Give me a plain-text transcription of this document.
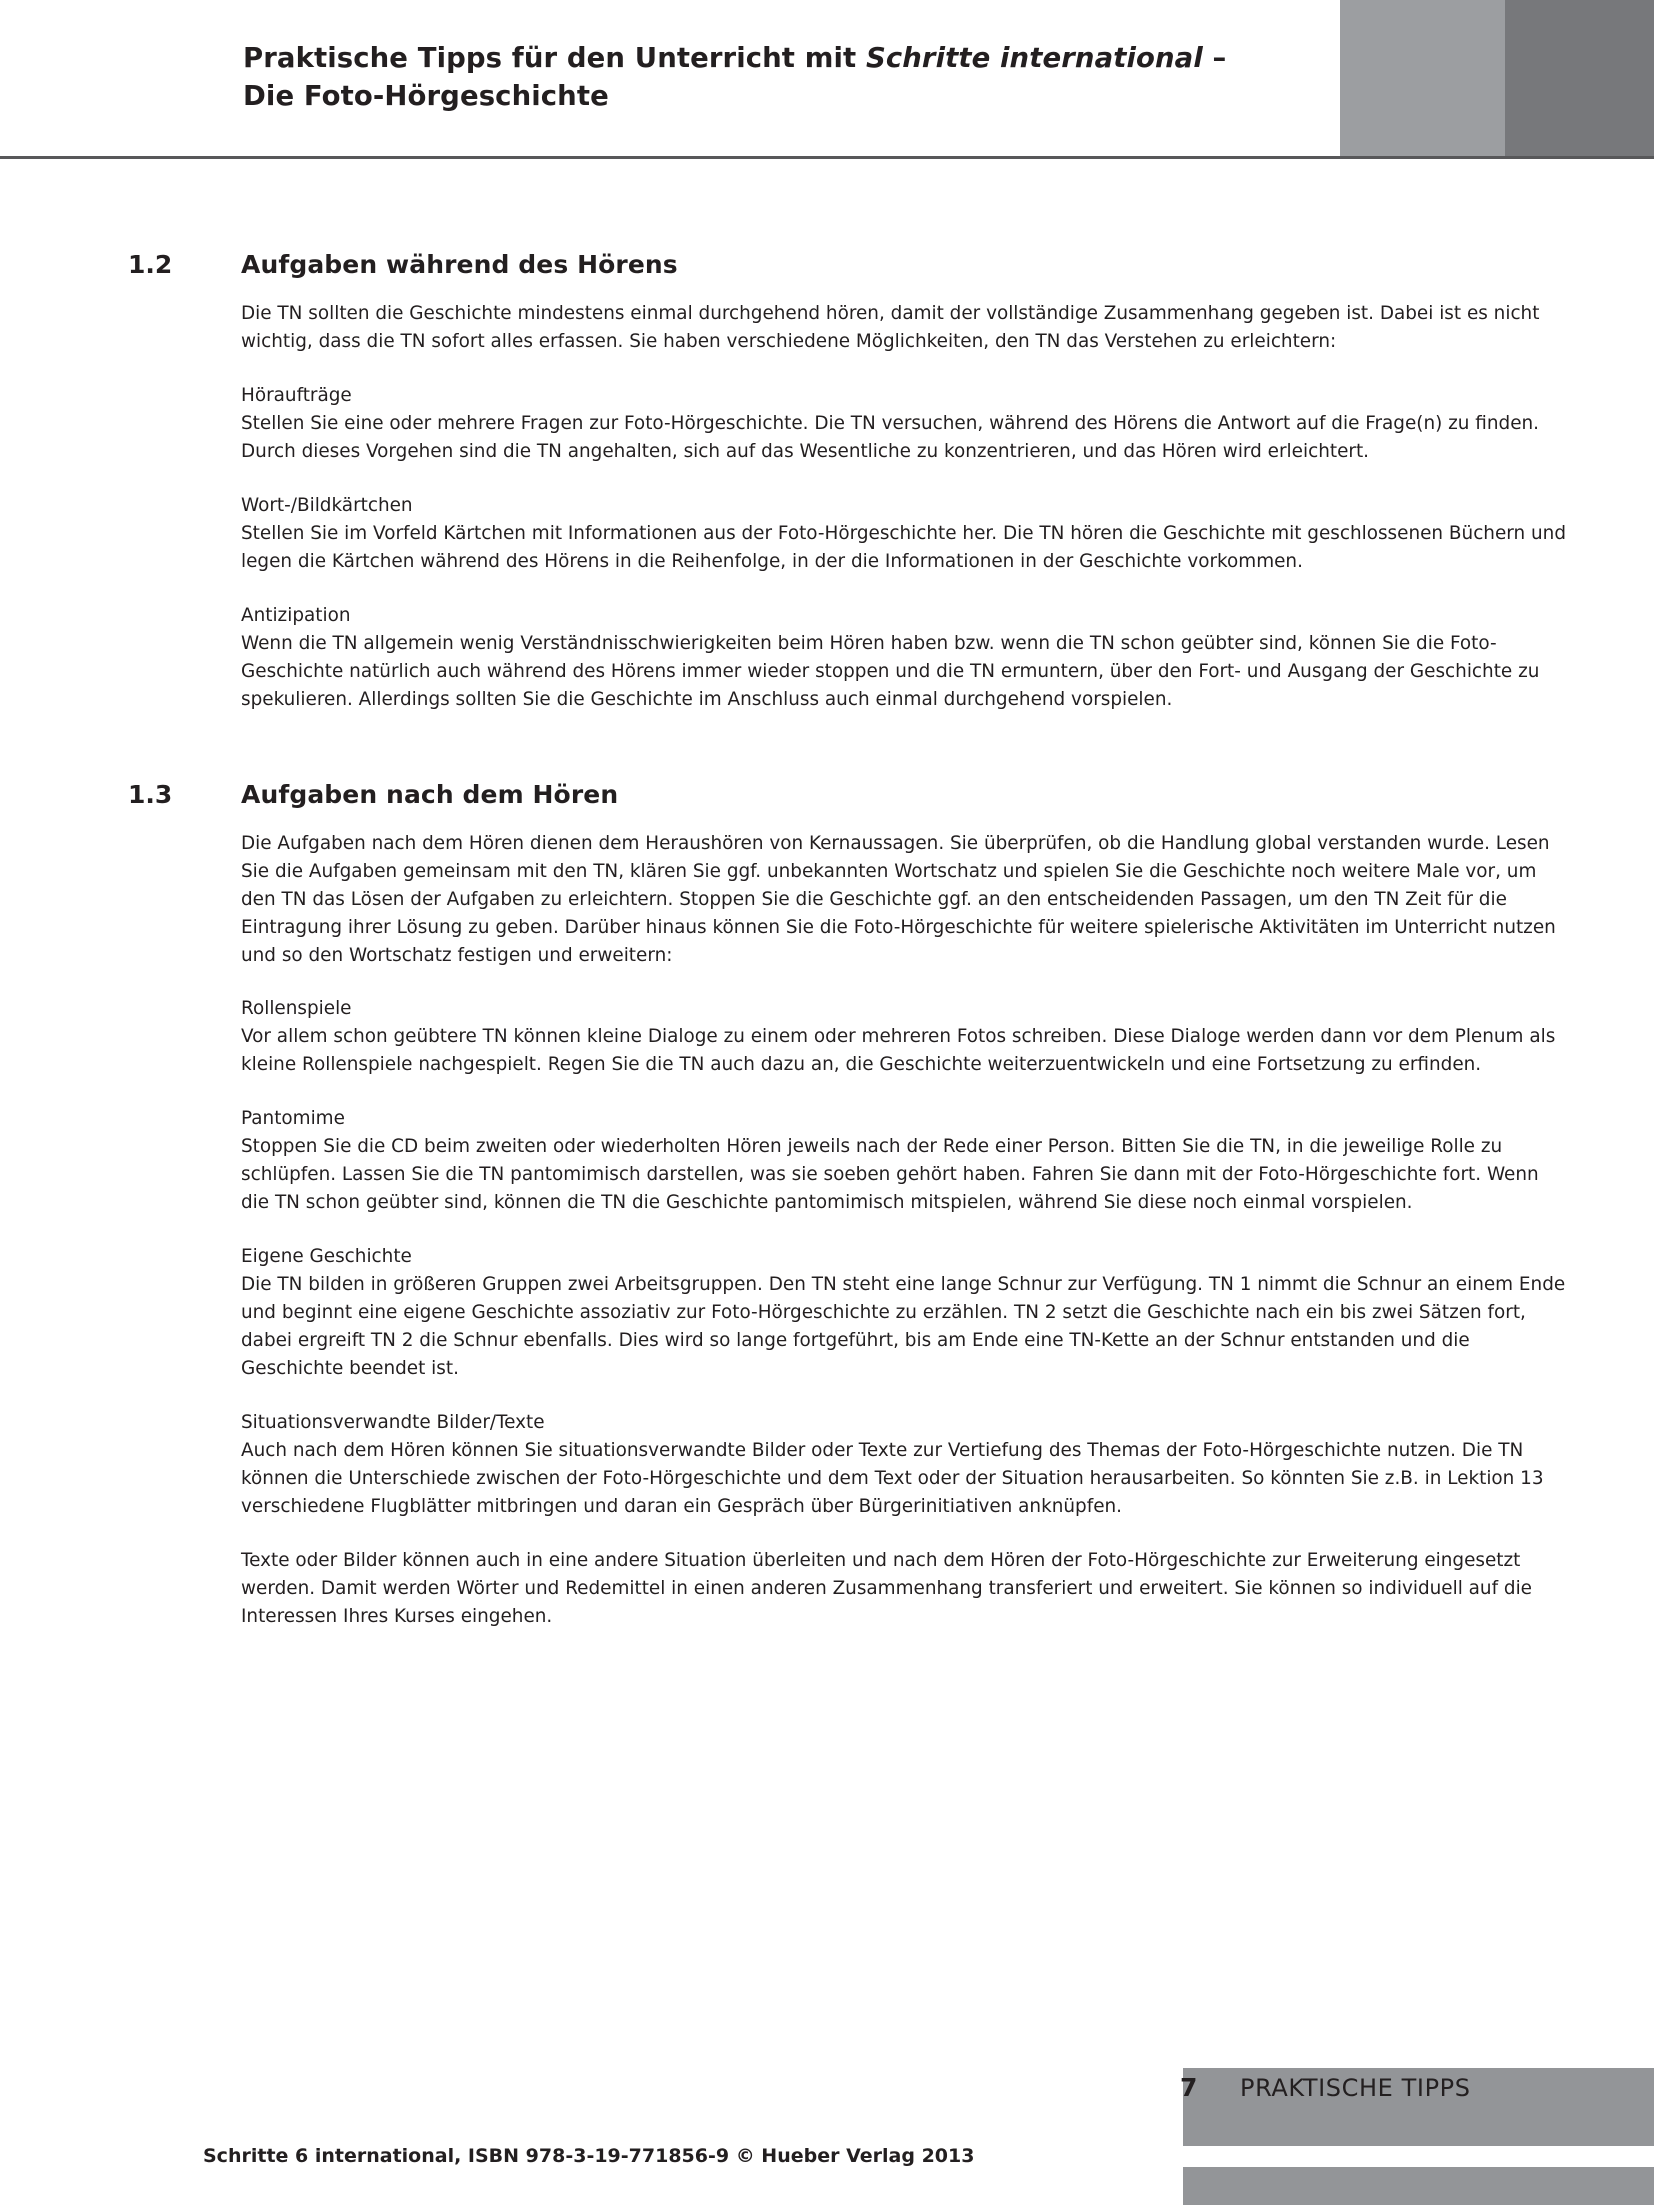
Praktische Tipps für den Unterricht mit Schritte international –
Die Foto-Hörgeschichte
1.2	Aufgaben während des Hörens

Die TN sollten die Geschichte mindestens einmal durchgehend hören, damit der vollständige Zusammenhang gegeben ist. Dabei ist es nicht wichtig, dass die TN sofort alles erfassen. Sie haben verschiedene Möglichkeiten, den TN das Verstehen zu erleichtern:

Höraufträge

Stellen Sie eine oder mehrere Fragen zur Foto-Hörgeschichte. Die TN versuchen, während des Hörens die Antwort auf die Frage(n) zu finden. Durch dieses Vorgehen sind die TN angehalten, sich auf das Wesentliche zu konzentrieren, und das Hören wird erleichtert.

Wort-/Bildkärtchen

Stellen Sie im Vorfeld Kärtchen mit Informationen aus der Foto-Hörgeschichte her. Die TN hören die Geschichte mit geschlossenen Büchern und legen die Kärtchen während des Hörens in die Reihenfolge, in der die Informationen in der Geschichte vorkommen.

Antizipation

Wenn die TN allgemein wenig Verständnisschwierigkeiten beim Hören haben bzw. wenn die TN schon geübter sind, können Sie die Foto-Geschichte natürlich auch während des Hörens immer wieder stoppen und die TN ermuntern, über den Fort- und Ausgang der Geschichte zu spekulieren. Allerdings sollten Sie die Geschichte im Anschluss auch einmal durchgehend vorspielen.

1.3	Aufgaben nach dem Hören

Die Aufgaben nach dem Hören dienen dem Heraushören von Kernaussagen. Sie überprüfen, ob die Handlung global verstanden wurde. Lesen Sie die Aufgaben gemeinsam mit den TN, klären Sie ggf. unbekannten Wortschatz und spielen Sie die Geschichte noch weitere Male vor, um den TN das Lösen der Aufgaben zu erleichtern. Stoppen Sie die Geschichte ggf. an den entscheidenden Passagen, um den TN Zeit für die Eintragung ihrer Lösung zu geben. Darüber hinaus können Sie die Foto-Hörgeschichte für weitere spielerische Aktivitäten im Unterricht nutzen und so den Wortschatz festigen und erweitern:

Rollenspiele

Vor allem schon geübtere TN können kleine Dialoge zu einem oder mehreren Fotos schreiben. Diese Dialoge werden dann vor dem Plenum als kleine Rollenspiele nachgespielt. Regen Sie die TN auch dazu an, die Geschichte weiterzuentwickeln und eine Fortsetzung zu erfinden.

Pantomime

Stoppen Sie die CD beim zweiten oder wiederholten Hören jeweils nach der Rede einer Person. Bitten Sie die TN, in die jeweilige Rolle zu schlüpfen. Lassen Sie die TN pantomimisch darstellen, was sie soeben gehört haben. Fahren Sie dann mit der Foto-Hörgeschichte fort. Wenn die TN schon geübter sind, können die TN die Geschichte pantomimisch mitspielen, während Sie diese noch einmal vorspielen.

Eigene Geschichte

Die TN bilden in größeren Gruppen zwei Arbeitsgruppen. Den TN steht eine lange Schnur zur Verfügung. TN 1 nimmt die Schnur an einem Ende und beginnt eine eigene Geschichte assoziativ zur Foto-Hörgeschichte zu erzählen. TN 2 setzt die Geschichte nach ein bis zwei Sätzen fort, dabei ergreift TN 2 die Schnur ebenfalls. Dies wird so lange fortgeführt, bis am Ende eine TN-Kette an der Schnur entstanden und die Geschichte beendet ist.

Situationsverwandte Bilder/Texte

Auch nach dem Hören können Sie situationsverwandte Bilder oder Texte zur Vertiefung des Themas der Foto-Hörgeschichte nutzen. Die TN können die Unterschiede zwischen der Foto-Hörgeschichte und dem Text oder der Situation herausarbeiten. So könnten Sie z.B. in Lektion 13 verschiedene Flugblätter mitbringen und daran ein Gespräch über Bürgerinitiativen anknüpfen.

Texte oder Bilder können auch in eine andere Situation überleiten und nach dem Hören der Foto-Hörgeschichte zur Erweiterung eingesetzt werden. Damit werden Wörter und Redemittel in einen anderen Zusammenhang transferiert und erweitert. Sie können so individuell auf die Interessen Ihres Kurses eingehen.

7 PRAKTISCHE TIPPS
Schritte 6 international, ISBN 978-3-19-771856-9 © Hueber Verlag 2013
